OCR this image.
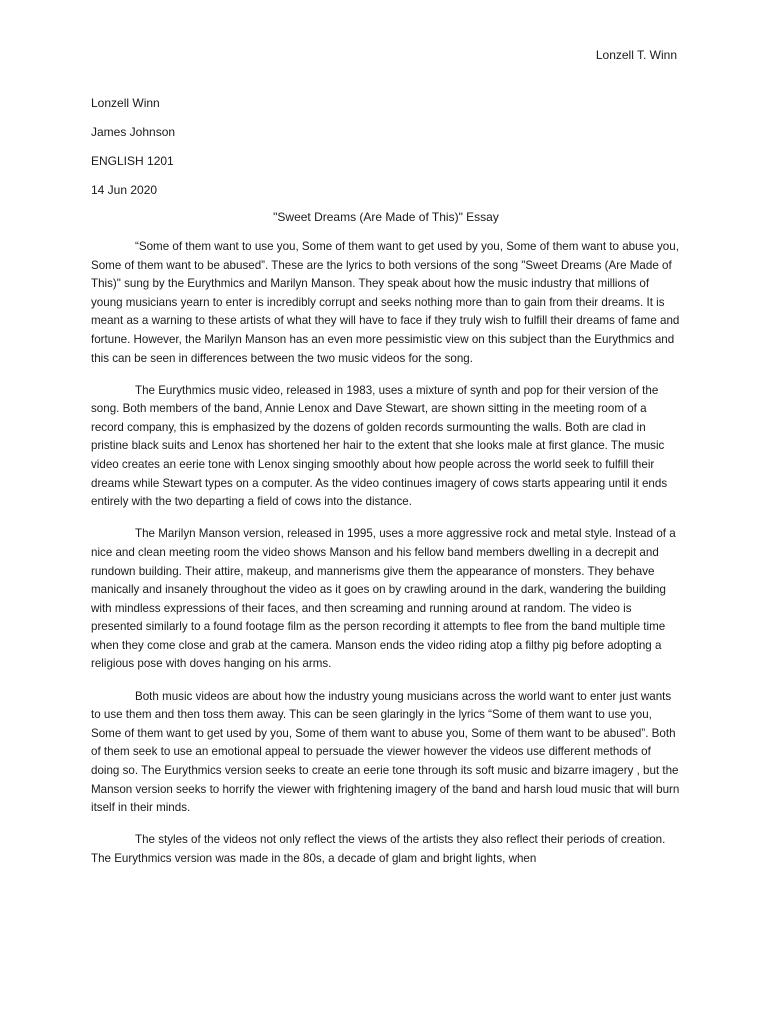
Lonzell T. Winn
Lonzell Winn
James Johnson
ENGLISH 1201
14 Jun 2020
"Sweet Dreams (Are Made of This)" Essay

“Some of them want to use you, Some of them want to get used by you, Some of them want to abuse you, Some of them want to be abused”. These are the lyrics to both versions of the song "Sweet Dreams (Are Made of This)" sung by the Eurythmics and Marilyn Manson. They speak about how the music industry that millions of young musicians yearn to enter is incredibly corrupt and seeks nothing more than to gain from their dreams. It is meant as a warning to these artists of what they will have to face if they truly wish to fulfill their dreams of fame and fortune. However, the Marilyn Manson has an even more pessimistic view on this subject than the Eurythmics and this can be seen in differences between the two music videos for the song.

The Eurythmics music video, released in 1983, uses a mixture of synth and pop for their version of the song. Both members of the band, Annie Lenox and Dave Stewart, are shown sitting in the meeting room of a record company, this is emphasized by the dozens of golden records surmounting the walls. Both are clad in pristine black suits and Lenox has shortened her hair to the extent that she looks male at first glance. The music video creates an eerie tone with Lenox singing smoothly about how people across the world seek to fulfill their dreams while Stewart types on a computer. As the video continues imagery of cows starts appearing until it ends entirely with the two departing a field of cows into the distance.

The Marilyn Manson version, released in 1995, uses a more aggressive rock and metal style. Instead of a nice and clean meeting room the video shows Manson and his fellow band members dwelling in a decrepit and rundown building. Their attire, makeup, and mannerisms give them the appearance of monsters. They behave manically and insanely throughout the video as it goes on by crawling around in the dark, wandering the building with mindless expressions of their faces, and then screaming and running around at random. The video is presented similarly to a found footage film as the person recording it attempts to flee from the band multiple time when they come close and grab at the camera. Manson ends the video riding atop a filthy pig before adopting a religious pose with doves hanging on his arms.

Both music videos are about how the industry young musicians across the world want to enter just wants to use them and then toss them away. This can be seen glaringly in the lyrics “Some of them want to use you, Some of them want to get used by you, Some of them want to abuse you, Some of them want to be abused”. Both of them seek to use an emotional appeal to persuade the viewer however the videos use different methods of doing so. The Eurythmics version seeks to create an eerie tone through its soft music and bizarre imagery , but the Manson version seeks to horrify the viewer with frightening imagery of the band and harsh loud music that will burn itself in their minds.

The styles of the videos not only reflect the views of the artists they also reflect their periods of creation. The Eurythmics version was made in the 80s, a decade of glam and bright lights, when
